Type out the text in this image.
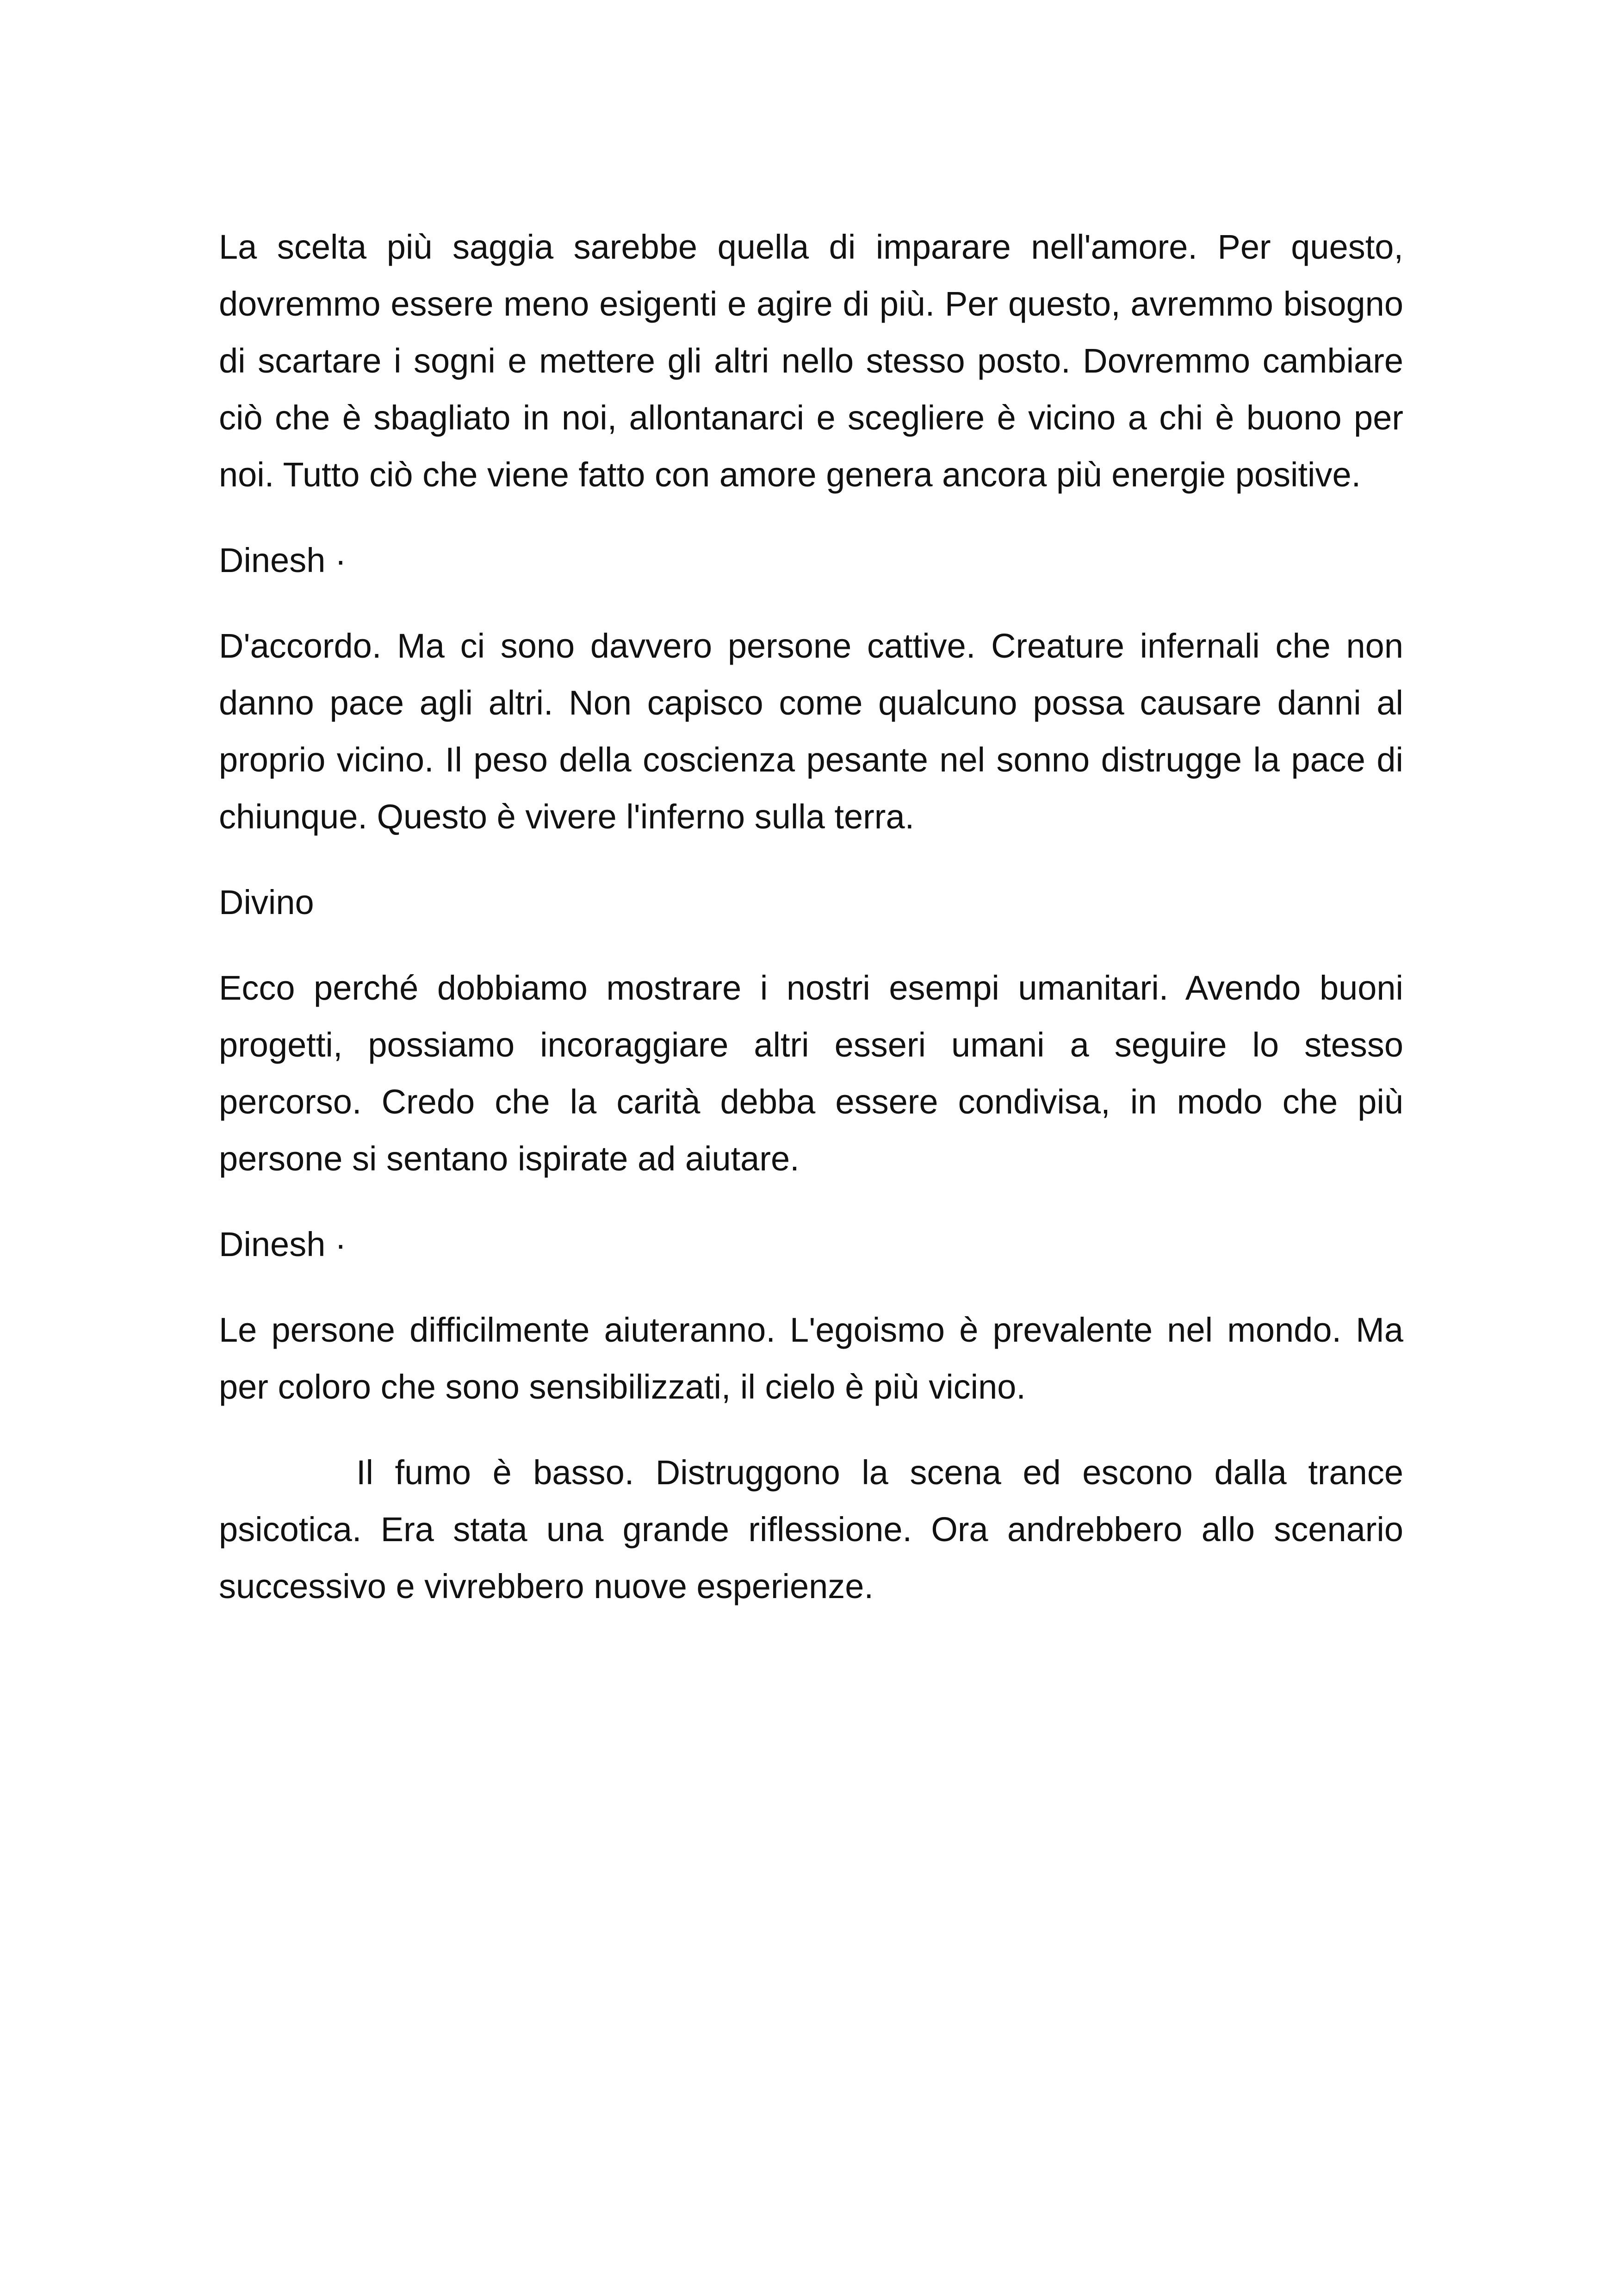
La scelta più saggia sarebbe quella di imparare nell'amore. Per questo, dovremmo essere meno esigenti e agire di più. Per questo, avremmo bisogno di scartare i sogni e mettere gli altri nello stesso posto. Dovremmo cambiare ciò che è sbagliato in noi, allontanarci e scegliere è vicino a chi è buono per noi. Tutto ciò che viene fatto con amore genera ancora più energie positive.

Dinesh ·

D'accordo. Ma ci sono davvero persone cattive. Creature infernali che non danno pace agli altri. Non capisco come qualcuno possa causare danni al proprio vicino. Il peso della coscienza pesante nel sonno distrugge la pace di chiunque. Questo è vivere l'inferno sulla terra.

Divino

Ecco perché dobbiamo mostrare i nostri esempi umanitari. Avendo buoni progetti, possiamo incoraggiare altri esseri umani a seguire lo stesso percorso. Credo che la carità debba essere condivisa, in modo che più persone si sentano ispirate ad aiutare.

Dinesh ·

Le persone difficilmente aiuteranno. L'egoismo è prevalente nel mondo. Ma per coloro che sono sensibilizzati, il cielo è più vicino.

Il fumo è basso. Distruggono la scena ed escono dalla trance psicotica. Era stata una grande riflessione. Ora andrebbero allo scenario successivo e vivrebbero nuove esperienze.
